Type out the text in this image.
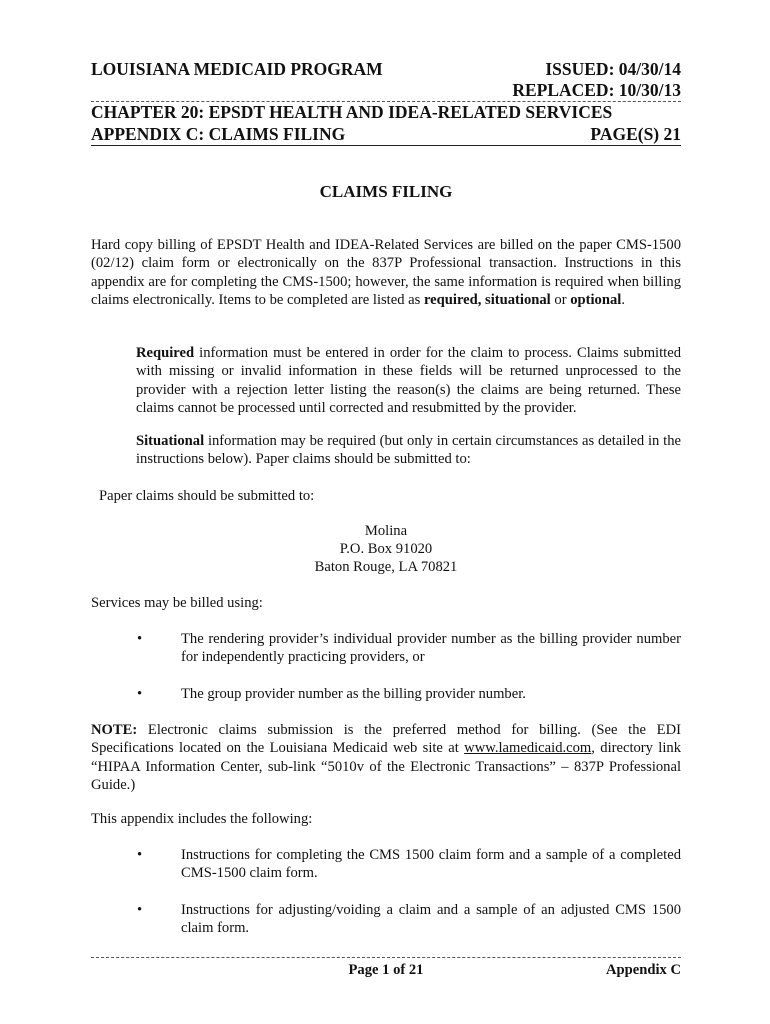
LOUISIANA MEDICAID PROGRAM	ISSUED: 04/30/14
REPLACED: 10/30/13
CHAPTER 20: EPSDT HEALTH AND IDEA-RELATED SERVICES
APPENDIX C: CLAIMS FILING	PAGE(S) 21
CLAIMS FILING
Hard copy billing of EPSDT Health and IDEA-Related Services are billed on the paper CMS-1500 (02/12) claim form or electronically on the 837P Professional transaction. Instructions in this appendix are for completing the CMS-1500; however, the same information is required when billing claims electronically. Items to be completed are listed as required, situational or optional.
Required information must be entered in order for the claim to process. Claims submitted with missing or invalid information in these fields will be returned unprocessed to the provider with a rejection letter listing the reason(s) the claims are being returned. These claims cannot be processed until corrected and resubmitted by the provider.
Situational information may be required (but only in certain circumstances as detailed in the instructions below). Paper claims should be submitted to:
Paper claims should be submitted to:
Molina
P.O. Box 91020
Baton Rouge, LA 70821
Services may be billed using:
•	The rendering provider’s individual provider number as the billing provider number for independently practicing providers, or
•	The group provider number as the billing provider number.
NOTE: Electronic claims submission is the preferred method for billing. (See the EDI Specifications located on the Louisiana Medicaid web site at www.lamedicaid.com, directory link “HIPAA Information Center, sub-link “5010v of the Electronic Transactions” – 837P Professional Guide.)
This appendix includes the following:
•	Instructions for completing the CMS 1500 claim form and a sample of a completed CMS-1500 claim form.
•	Instructions for adjusting/voiding a claim and a sample of an adjusted CMS 1500 claim form.
Page 1 of 21	Appendix C
